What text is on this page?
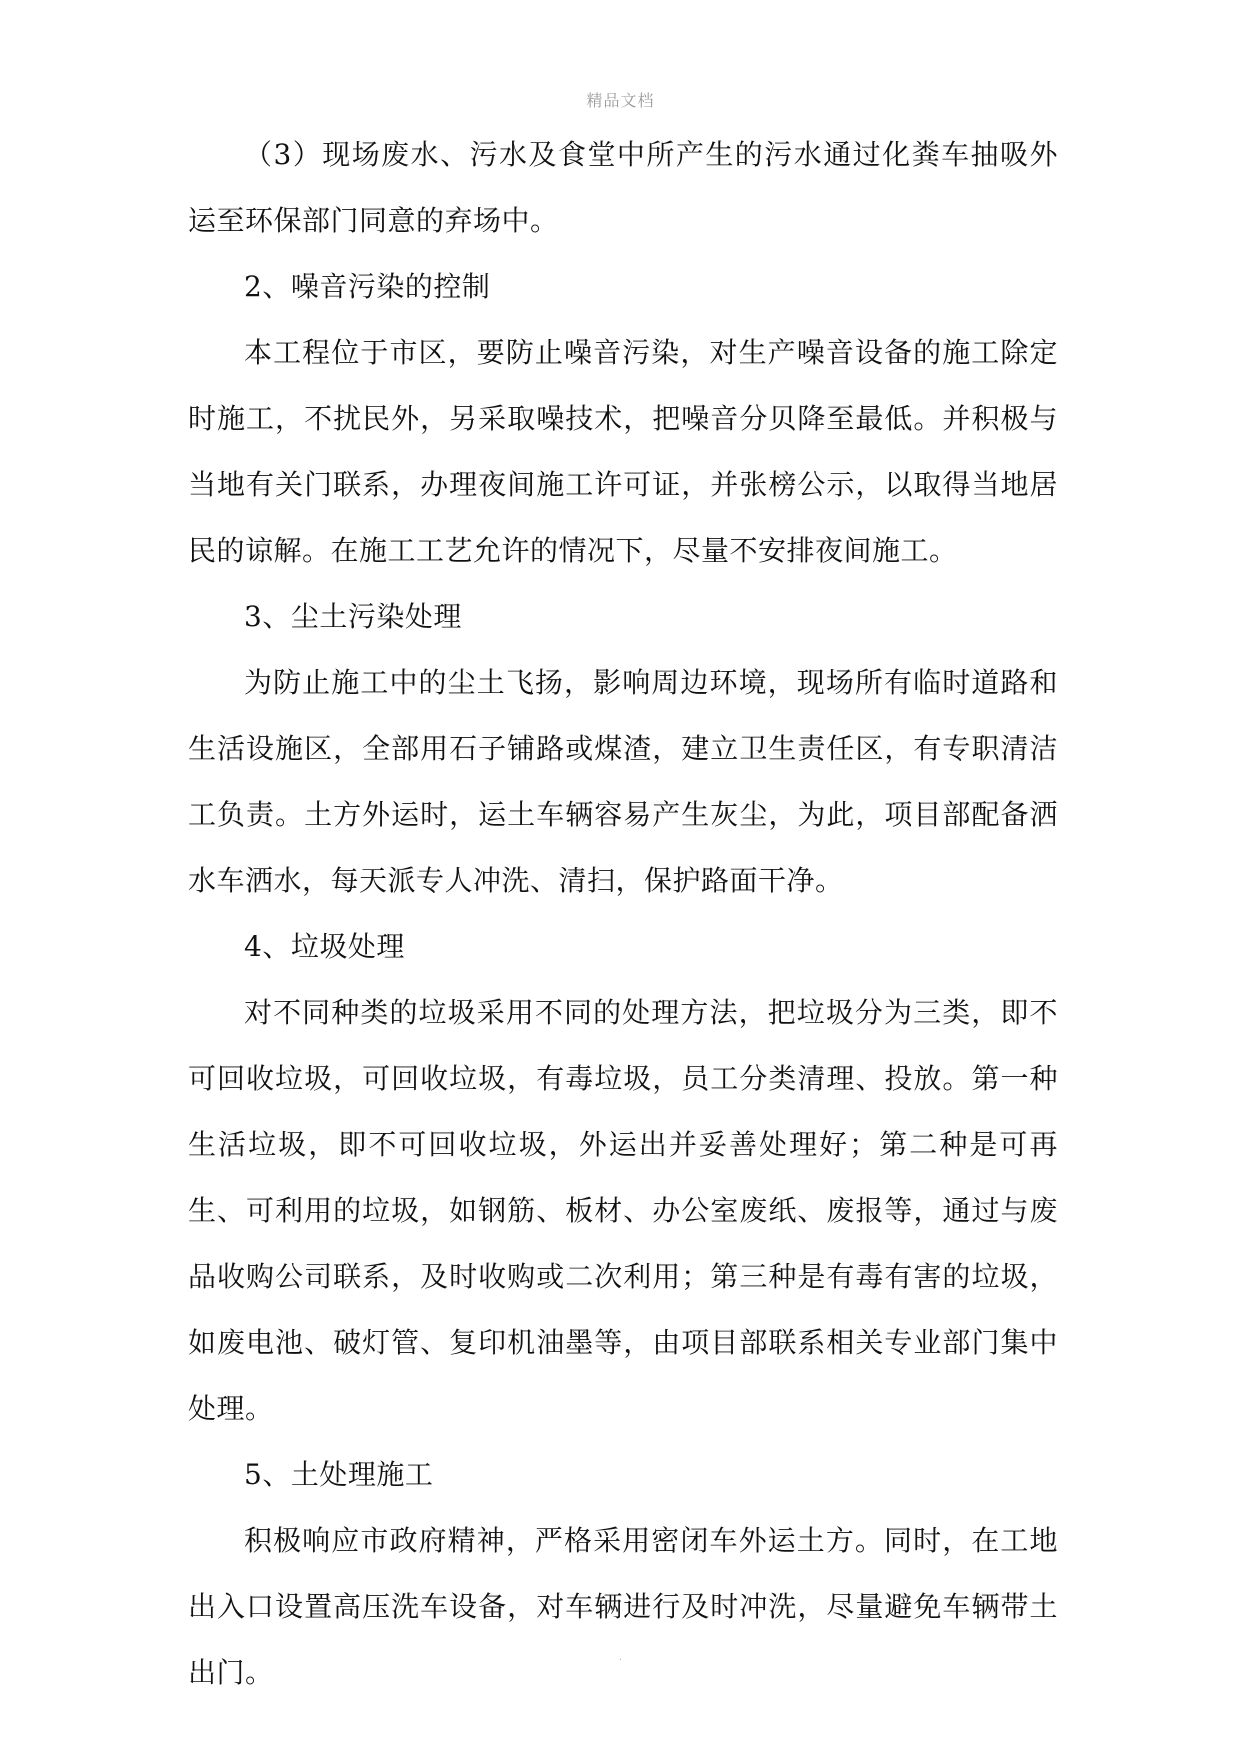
精品文档

（3）现场废水、污水及食堂中所产生的污水通过化粪车抽吸外运至环保部门同意的弃场中。

2、噪音污染的控制

本工程位于市区，要防止噪音污染，对生产噪音设备的施工除定时施工，不扰民外，另采取噪技术，把噪音分贝降至最低。并积极与当地有关门联系，办理夜间施工许可证，并张榜公示，以取得当地居民的谅解。在施工工艺允许的情况下，尽量不安排夜间施工。

3、尘土污染处理

为防止施工中的尘土飞扬，影响周边环境，现场所有临时道路和生活设施区，全部用石子铺路或煤渣，建立卫生责任区，有专职清洁工负责。土方外运时，运土车辆容易产生灰尘，为此，项目部配备洒水车洒水，每天派专人冲洗、清扫，保护路面干净。

4、垃圾处理

对不同种类的垃圾采用不同的处理方法，把垃圾分为三类，即不可回收垃圾，可回收垃圾，有毒垃圾，员工分类清理、投放。第一种生活垃圾，即不可回收垃圾，外运出并妥善处理好；第二种是可再生、可利用的垃圾，如钢筋、板材、办公室废纸、废报等，通过与废品收购公司联系，及时收购或二次利用；第三种是有毒有害的垃圾，如废电池、破灯管、复印机油墨等，由项目部联系相关专业部门集中处理。

5、土处理施工

积极响应市政府精神，严格采用密闭车外运土方。同时，在工地出入口设置高压洗车设备，对车辆进行及时冲洗，尽量避免车辆带土出门。	.
